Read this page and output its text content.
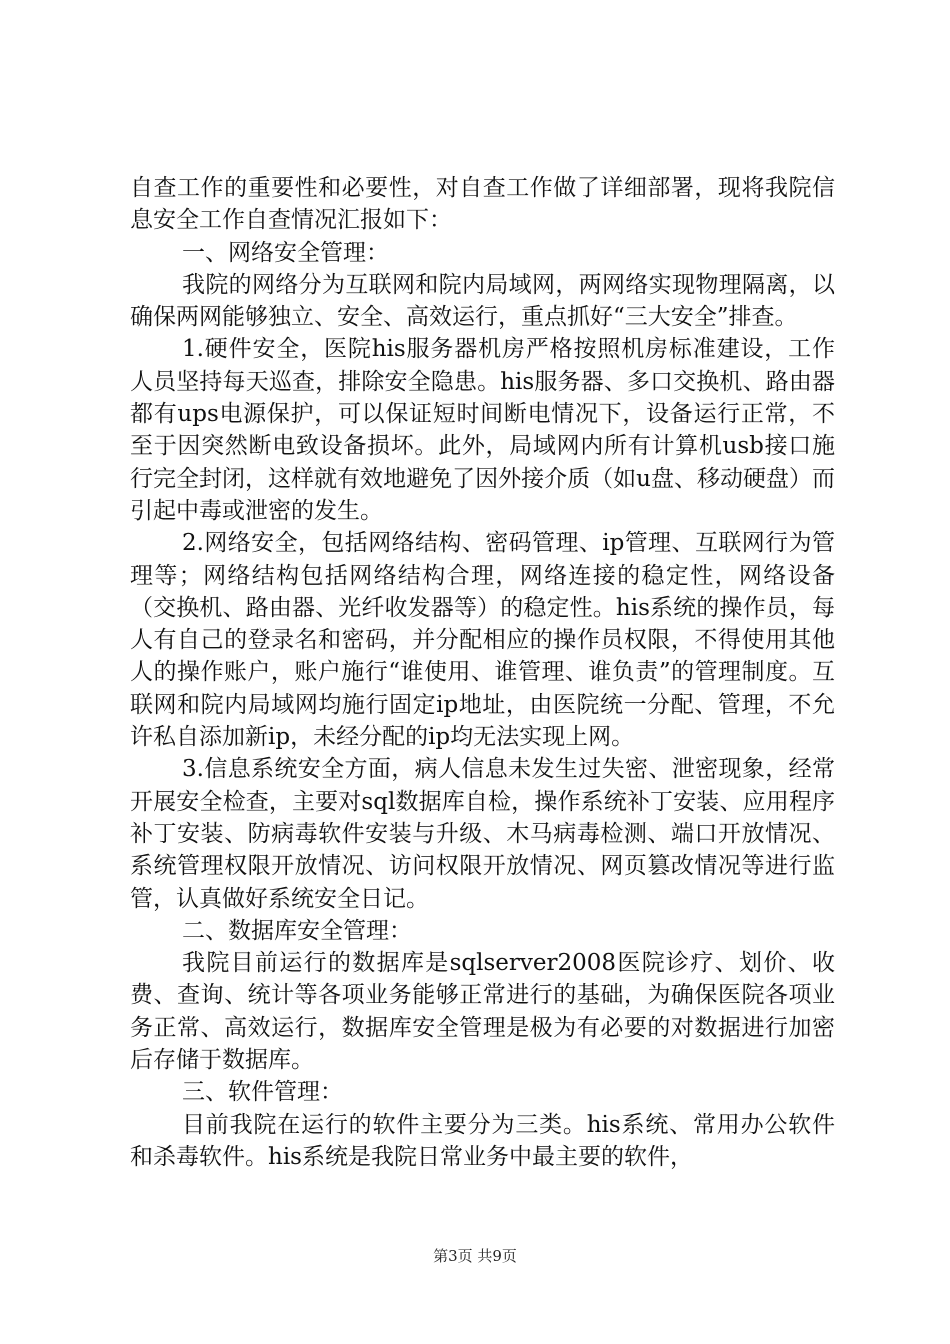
自查工作的重要性和必要性，对自查工作做了详细部署，现将我院信息安全工作自查情况汇报如下：

一、网络安全管理：

我院的网络分为互联网和院内局域网，两网络实现物理隔离，以确保两网能够独立、安全、高效运行，重点抓好“三大安全”排查。

1.硬件安全，医院his服务器机房严格按照机房标准建设，工作人员坚持每天巡查，排除安全隐患。his服务器、多口交换机、路由器都有ups电源保护，可以保证短时间断电情况下，设备运行正常，不至于因突然断电致设备损坏。此外，局域网内所有计算机usb接口施行完全封闭，这样就有效地避免了因外接介质（如u盘、移动硬盘）而引起中毒或泄密的发生。

2.网络安全，包括网络结构、密码管理、ip管理、互联网行为管理等；网络结构包括网络结构合理，网络连接的稳定性，网络设备（交换机、路由器、光纤收发器等）的稳定性。his系统的操作员，每人有自己的登录名和密码，并分配相应的操作员权限，不得使用其他人的操作账户，账户施行“谁使用、谁管理、谁负责”的管理制度。互联网和院内局域网均施行固定ip地址，由医院统一分配、管理，不允许私自添加新ip，未经分配的ip均无法实现上网。

3.信息系统安全方面，病人信息未发生过失密、泄密现象，经常开展安全检查，主要对sql数据库自检，操作系统补丁安装、应用程序补丁安装、防病毒软件安装与升级、木马病毒检测、端口开放情况、系统管理权限开放情况、访问权限开放情况、网页篡改情况等进行监管，认真做好系统安全日记。

二、数据库安全管理：

我院目前运行的数据库是sqlserver2008医院诊疗、划价、收费、查询、统计等各项业务能够正常进行的基础，为确保医院各项业务正常、高效运行，数据库安全管理是极为有必要的对数据进行加密后存储于数据库。

三、软件管理：

目前我院在运行的软件主要分为三类。his系统、常用办公软件和杀毒软件。his系统是我院日常业务中最主要的软件，

第3页 共9页
